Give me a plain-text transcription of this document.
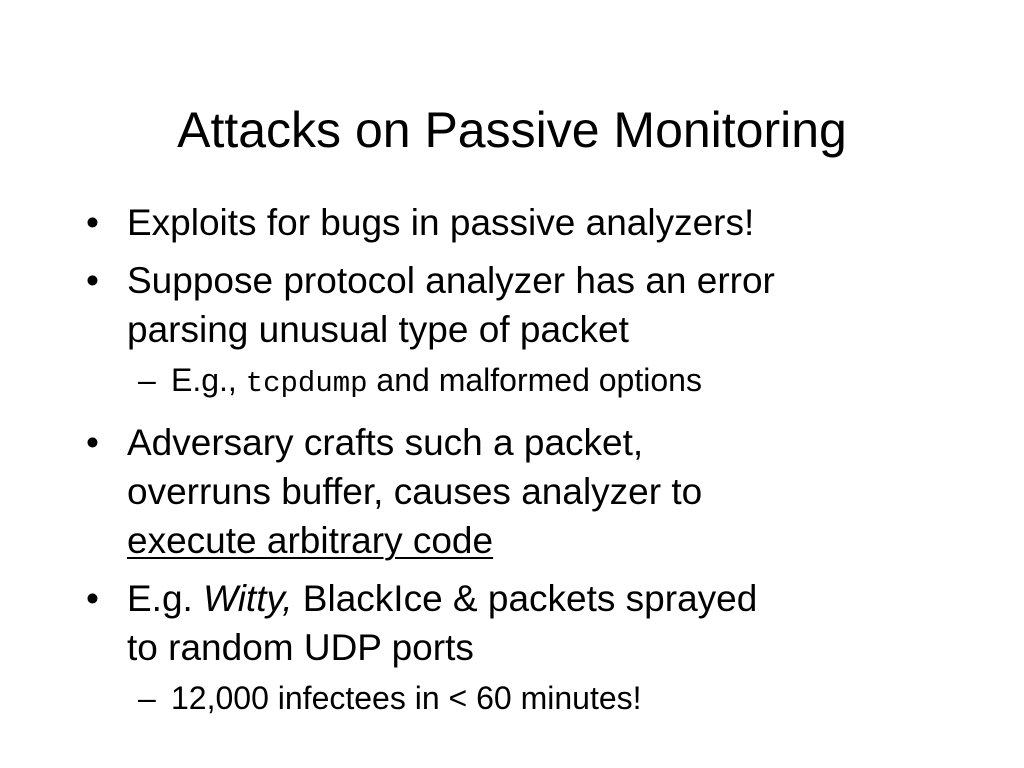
Attacks on Passive Monitoring
• Exploits for bugs in passive analyzers!
• Suppose protocol analyzer has an error
parsing unusual type of packet
– E.g., tcpdump and malformed options
• Adversary crafts such a packet,
overruns buffer, causes analyzer to
execute arbitrary code
• E.g. Witty, BlackIce & packets sprayed
to random UDP ports
– 12,000 infectees in < 60 minutes!
